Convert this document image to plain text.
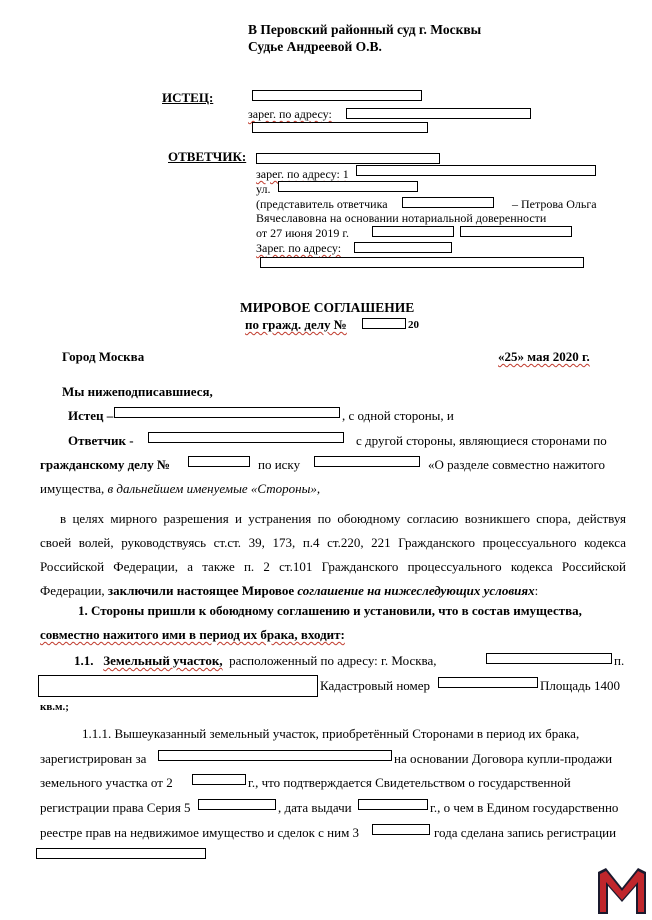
В Перовский районный суд г. Москвы
Судье Андреевой О.В.
ИСТЕЦ:
зарег. по адресу:
ОТВЕТЧИК:
зарег. по адресу: 1
ул.
(представитель ответчика	– Петрова Ольга
Вячеславовна на основании нотариальной доверенности
от 27 июня 2019 г.
Зарег. по адресу:
МИРОВОЕ СОГЛАШЕНИЕ
по гражд. делу №	20
Город Москва	«25» мая 2020 г.
Мы нижеподписавшиеся,
Истец –	, с одной стороны, и
Ответчик -	с другой стороны, являющиеся сторонами по
гражданскому делу №	по иску	«О разделе совместно нажитого
имущества, в дальнейшем именуемые «Стороны»,
в целях мирного разрешения и устранения по обоюдному согласию возникшего спора, действуя своей волей, руководствуясь ст.ст. 39, 173, п.4 ст.220, 221 Гражданского процессуального кодекса Российской Федерации, а также п. 2 ст.101 Гражданского процессуального кодекса Российской Федерации, заключили настоящее Мировое соглашение на нижеследующих условиях:
1. Стороны пришли к обоюдному соглашению и установили, что в состав имущества,
совместно нажитого ими в период их брака, входит:
1.1. Земельный участок, расположенный по адресу: г. Москва,	п.
Кадастровый номер	Площадь 1400
кв.м.;
1.1.1. Вышеуказанный земельный участок, приобретённый Сторонами в период их брака,
зарегистрирован за	на основании Договора купли-продажи
земельного участка от 2	г., что подтверждается Свидетельством о государственной
регистрации права Серия 5	, дата выдачи	г., о чем в Едином государственно
реестре прав на недвижимое имущество и сделок с ним 3	года сделана запись регистрации
